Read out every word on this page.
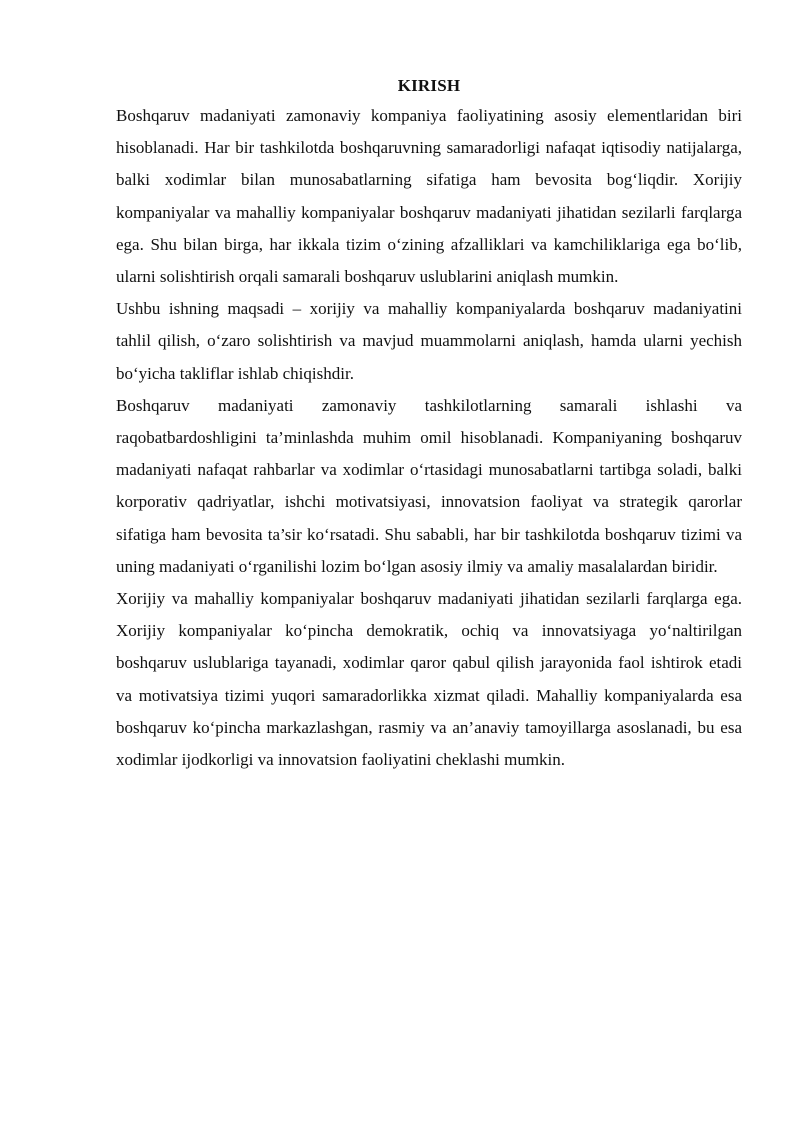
KIRISH

Boshqaruv madaniyati zamonaviy kompaniya faoliyatining asosiy elementlaridan biri hisoblanadi. Har bir tashkilotda boshqaruvning samaradorligi nafaqat iqtisodiy natijalarga, balki xodimlar bilan munosabatlarning sifatiga ham bevosita bog‘liqdir. Xorijiy kompaniyalar va mahalliy kompaniyalar boshqaruv madaniyati jihatidan sezilarli farqlarga ega. Shu bilan birga, har ikkala tizim o‘zining afzalliklari va kamchiliklariga ega bo‘lib, ularni solishtirish orqali samarali boshqaruv uslublarini aniqlash mumkin.

Ushbu ishning maqsadi – xorijiy va mahalliy kompaniyalarda boshqaruv madaniyatini tahlil qilish, o‘zaro solishtirish va mavjud muammolarni aniqlash, hamda ularni yechish bo‘yicha takliflar ishlab chiqishdir.

Boshqaruv madaniyati zamonaviy tashkilotlarning samarali ishlashi va raqobatbardoshligini ta’minlashda muhim omil hisoblanadi. Kompaniyaning boshqaruv madaniyati nafaqat rahbarlar va xodimlar o‘rtasidagi munosabatlarni tartibga soladi, balki korporativ qadriyatlar, ishchi motivatsiyasi, innovatsion faoliyat va strategik qarorlar sifatiga ham bevosita ta’sir ko‘rsatadi. Shu sababli, har bir tashkilotda boshqaruv tizimi va uning madaniyati o‘rganilishi lozim bo‘lgan asosiy ilmiy va amaliy masalalardan biridir.

Xorijiy va mahalliy kompaniyalar boshqaruv madaniyati jihatidan sezilarli farqlarga ega. Xorijiy kompaniyalar ko‘pincha demokratik, ochiq va innovatsiyaga yo‘naltirilgan boshqaruv uslublariga tayanadi, xodimlar qaror qabul qilish jarayonida faol ishtirok etadi va motivatsiya tizimi yuqori samaradorlikka xizmat qiladi. Mahalliy kompaniyalarda esa boshqaruv ko‘pincha markazlashgan, rasmiy va an’anaviy tamoyillarga asoslanadi, bu esa xodimlar ijodkorligi va innovatsion faoliyatini cheklashi mumkin.
